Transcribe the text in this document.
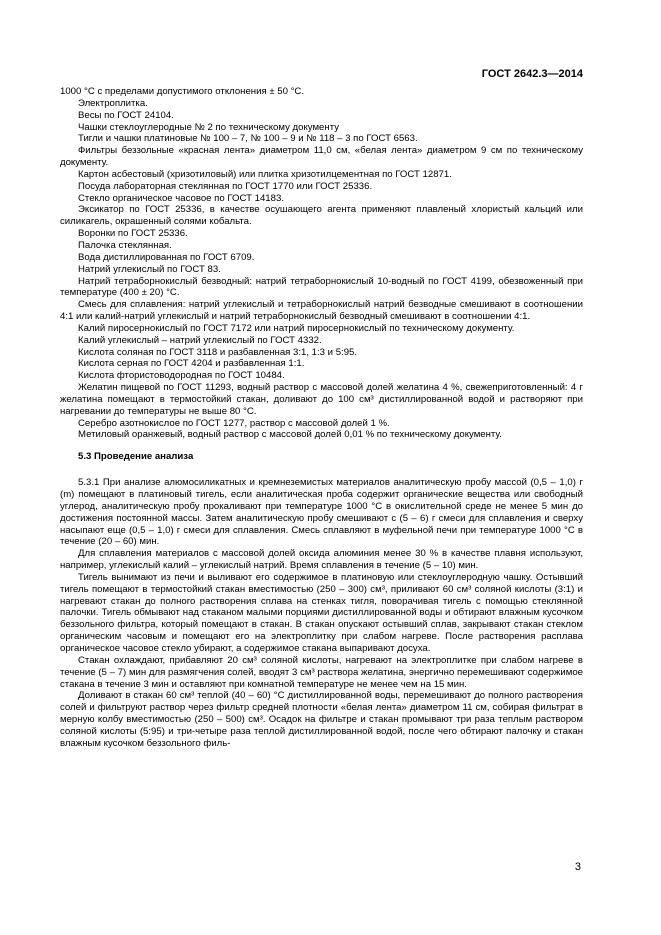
ГОСТ 2642.3—2014

1000 °С с пределами допустимого отклонения ± 50 °С.

Электроплитка.

Весы по ГОСТ 24104.

Чашки стеклоуглеродные № 2 по техническому документу

Тигли и чашки платиновые № 100 – 7, № 100 – 9 и № 118 – 3 по ГОСТ 6563.

Фильтры беззольные «красная лента» диаметром 11,0 см, «белая лента» диаметром 9 см по техническому документу.

Картон асбестовый (хризотиловый) или плитка хризотилцементная по ГОСТ 12871.

Посуда лабораторная стеклянная по ГОСТ 1770 или ГОСТ 25336.

Стекло органическое часовое по ГОСТ 14183.

Эксикатор по ГОСТ 25336, в качестве осушающего агента применяют плавленый хлористый кальций или силикагель, окрашенный солями кобальта.

Воронки по ГОСТ 25336.

Палочка стеклянная.

Вода дистиллированная по ГОСТ 6709.

Натрий углекислый по ГОСТ 83.

Натрий тетраборнокислый безводный: натрий тетраборнокислый 10-водный по ГОСТ 4199, обезвоженный при температуре (400 ± 20) °С.

Смесь для сплавления: натрий углекислый и тетраборнокислый натрий безводные смешивают в соотношении 4:1 или калий-натрий углекислый и натрий тетраборнокислый безводный смешивают в соотношении 4:1.

Калий пиросернокислый по ГОСТ 7172 или натрий пиросернокислый по техническому документу.

Калий углекислый – натрий углекислый по ГОСТ 4332.

Кислота соляная по ГОСТ 3118 и разбавленная 3:1, 1:3 и 5:95.

Кислота серная по ГОСТ 4204 и разбавленная 1:1.

Кислота фтористоводородная по ГОСТ 10484.

Желатин пищевой по ГОСТ 11293, водный раствор с массовой долей желатина 4 %, свежеприготовленный: 4 г желатина помещают в термостойкий стакан, доливают до 100 см³ дистиллированной водой и растворяют при нагревании до температуры не выше 80 °С.

Серебро азотнокислое по ГОСТ 1277, раствор с массовой долей 1 %.

Метиловый оранжевый, водный раствор с массовой долей 0,01 % по техническому документу.

5.3 Проведение анализа

5.3.1 При анализе алюмосиликатных и кремнеземистых материалов аналитическую пробу массой (0,5 – 1,0) г (m) помещают в платиновый тигель, если аналитическая проба содержит органические вещества или свободный углерод, аналитическую пробу прокаливают при температуре 1000 °С в окислительной среде не менее 5 мин до достижения постоянной массы. Затем аналитическую пробу смешивают с (5 – 6) г смеси для сплавления и сверху насыпают еще (0,5 – 1,0) г смеси для сплавления. Смесь сплавляют в муфельной печи при температуре 1000 °С в течение (20 – 60) мин.

Для сплавления материалов с массовой долей оксида алюминия менее 30 % в качестве плавня используют, например, углекислый калий – углекислый натрий. Время сплавления в течение (5 – 10) мин.

Тигель вынимают из печи и выливают его содержимое в платиновую или стеклоуглеродную чашку. Остывший тигель помещают в термостойкий стакан вместимостью (250 – 300) см³, приливают 60 см³ соляной кислоты (3:1) и нагревают стакан до полного растворения сплава на стенках тигля, поворачивая тигель с помощью стеклянной палочки. Тигель обмывают над стаканом малыми порциями дистиллированной воды и обтирают влажным кусочком беззольного фильтра, который помещают в стакан. В стакан опускают остывший сплав, закрывают стакан стеклом органическим часовым и помещают его на электроплитку при слабом нагреве. После растворения расплава органическое часовое стекло убирают, а содержимое стакана выпаривают досуха.

Стакан охлаждают, прибавляют 20 см³ соляной кислоты, нагревают на электроплитке при слабом нагреве в течение (5 – 7) мин для размягчения солей, вводят 3 см³ раствора желатина, энергично перемешивают содержимое стакана в течение 3 мин и оставляют при комнатной температуре не менее чем на 15 мин.

Доливают в стакан 60 см³ теплой (40 – 60) °С дистиллированной воды, перемешивают до полного растворения солей и фильтруют раствор через фильтр средней плотности «белая лента» диаметром 11 см, собирая фильтрат в мерную колбу вместимостью (250 – 500) см³. Осадок на фильтре и стакан промывают три раза теплым раствором соляной кислоты (5:95) и три-четыре раза теплой дистиллированной водой, после чего обтирают палочку и стакан влажным кусочком беззольного филь-

3
